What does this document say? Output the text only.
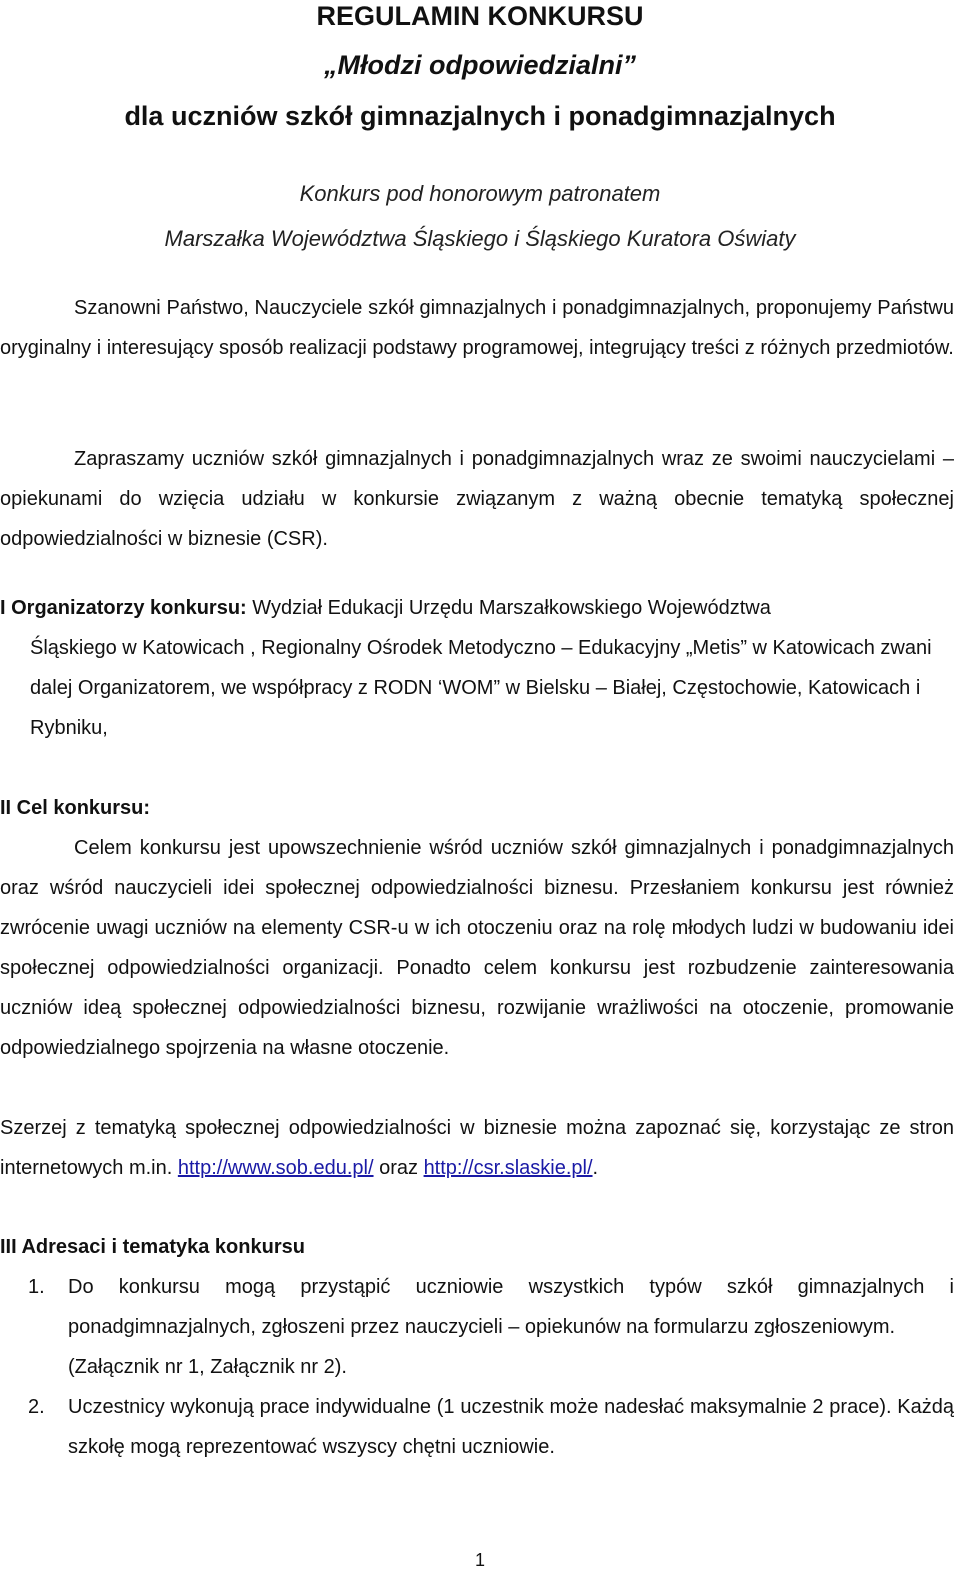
REGULAMIN KONKURSU
„Młodzi odpowiedzialni”
dla uczniów szkół gimnazjalnych i ponadgimnazjalnych

Konkurs pod honorowym patronatem

Marszałka Województwa Śląskiego i Śląskiego Kuratora Oświaty

Szanowni Państwo, Nauczyciele szkół gimnazjalnych i ponadgimnazjalnych, proponujemy Państwu oryginalny i interesujący sposób realizacji podstawy programowej, integrujący treści z różnych przedmiotów.

Zapraszamy uczniów szkół gimnazjalnych i ponadgimnazjalnych wraz ze swoimi nauczycielami – opiekunami do wzięcia udziału w konkursie związanym z ważną obecnie tematyką społecznej odpowiedzialności w biznesie (CSR).

I Organizatorzy konkursu: Wydział Edukacji Urzędu Marszałkowskiego Województwa

Śląskiego w Katowicach , Regionalny Ośrodek Metodyczno – Edukacyjny „Metis” w Katowicach zwani dalej Organizatorem, we współpracy z RODN ‘WOM” w Bielsku – Białej, Częstochowie, Katowicach i Rybniku,

II Cel konkursu:

Celem konkursu jest upowszechnienie wśród uczniów szkół gimnazjalnych i ponadgimnazjalnych oraz wśród nauczycieli idei społecznej odpowiedzialności biznesu. Przesłaniem konkursu jest również zwrócenie uwagi uczniów na elementy CSR-u w ich otoczeniu oraz na rolę młodych ludzi w budowaniu idei społecznej odpowiedzialności organizacji. Ponadto celem konkursu jest rozbudzenie zainteresowania uczniów ideą społecznej odpowiedzialności biznesu, rozwijanie wrażliwości na otoczenie, promowanie odpowiedzialnego spojrzenia na własne otoczenie.

Szerzej z tematyką społecznej odpowiedzialności w biznesie można zapoznać się, korzystając ze stron internetowych m.in. http://www.sob.edu.pl/ oraz http://csr.slaskie.pl/.

III Adresaci i tematyka konkursu

1. Do konkursu mogą przystąpić uczniowie wszystkich typów szkół gimnazjalnych i ponadgimnazjalnych, zgłoszeni przez nauczycieli – opiekunów na formularzu zgłoszeniowym.
(Załącznik nr 1, Załącznik nr 2).
2. Uczestnicy wykonują prace indywidualne (1 uczestnik może nadesłać maksymalnie 2 prace). Każdą szkołę mogą reprezentować wszyscy chętni uczniowie.
1
